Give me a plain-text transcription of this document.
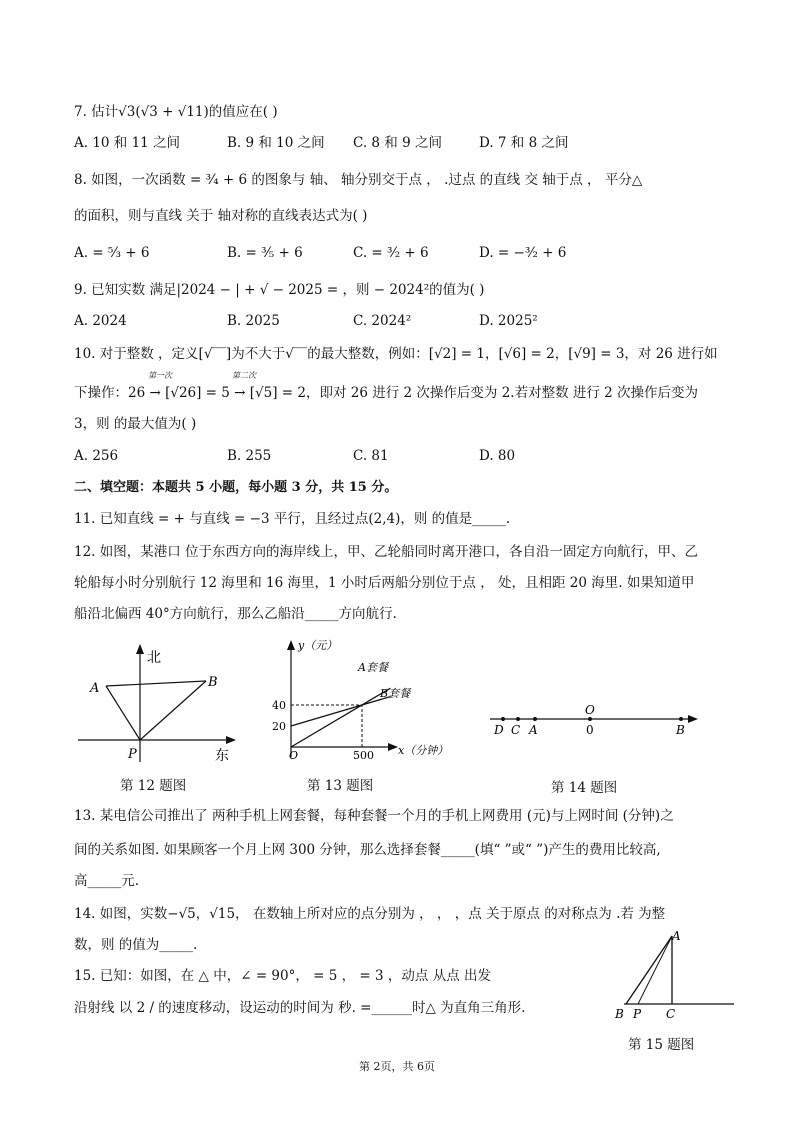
7. 估计√3(√3 + √11)的值应在( )
A. 10 和 11 之间	B. 9 和 10 之间 C. 8 和 9 之间	D. 7 和 8 之间
8. 如图，一次函数 = ³⁄₄ + 6 的图象与 轴、 轴分别交于点 ， .过点 的直线 交 轴于点 ， 平分△
的面积，则与直线 关于 轴对称的直线表达式为( )
A. = ⁵⁄₃ + 6	B. = ³⁄₅ + 6	C. = ³⁄₂ + 6	D. = −³⁄₂ + 6
9. 已知实数 满足|2024 − | + √ − 2025 = ，则 − 2024²的值为( )
A. 2024	B. 2025	C. 2024²	D. 2025²
10. 对于整数 ，定义[√‾‾]为不大于√‾‾的最大整数，例如：[√2] = 1，[√6] = 2，[√9] = 3，对 26 进行如
第一次	第二次
下操作：26 → [√26] = 5 → [√5] = 2，即对 26 进行 2 次操作后变为 2.若对整数 进行 2 次操作后变为
3，则 的最大值为( )
A. 256	B. 255	C. 81	D. 80
二、填空题：本题共 5 小题，每小题 3 分，共 15 分。
11. 已知直线 = + 与直线 = −3 平行，且经过点(2,4)，则 的值是_____.
12. 如图，某港口 位于东西方向的海岸线上，甲、乙轮船同时离开港口，各自沿一固定方向航行，甲、乙
轮船每小时分别航行 12 海里和 16 海里，1 小时后两船分别位于点 ， 处，且相距 20 海里. 如果知道甲
船沿北偏西 40°方向航行，那么乙船沿_____方向航行.
北
东
A	B
P
第 12 题图
y（元）
x（分钟）
A套餐
B套餐
40
20
500
O
第 13 题图
D C A
O
0	B
第 14 题图
13. 某电信公司推出了 两种手机上网套餐，每种套餐一个月的手机上网费用 (元)与上网时间 (分钟)之
间的关系如图. 如果顾客一个月上网 300 分钟，那么选择套餐_____(填“ ”或“ ”)产生的费用比较高,
高_____元.
14. 如图，实数−√5，√15， 在数轴上所对应的点分别为 ， ， ，点 关于原点 的对称点为 .若 为整
数，则 的值为_____.
15. 已知：如图，在 △ 中，∠ = 90°， = 5 ， = 3 ，动点 从点 出发
沿射线 以 2 / 的速度移动，设运动的时间为 秒. =______时△ 为直角三角形.
A
B P C
第 15 题图
第 2页，共 6页
